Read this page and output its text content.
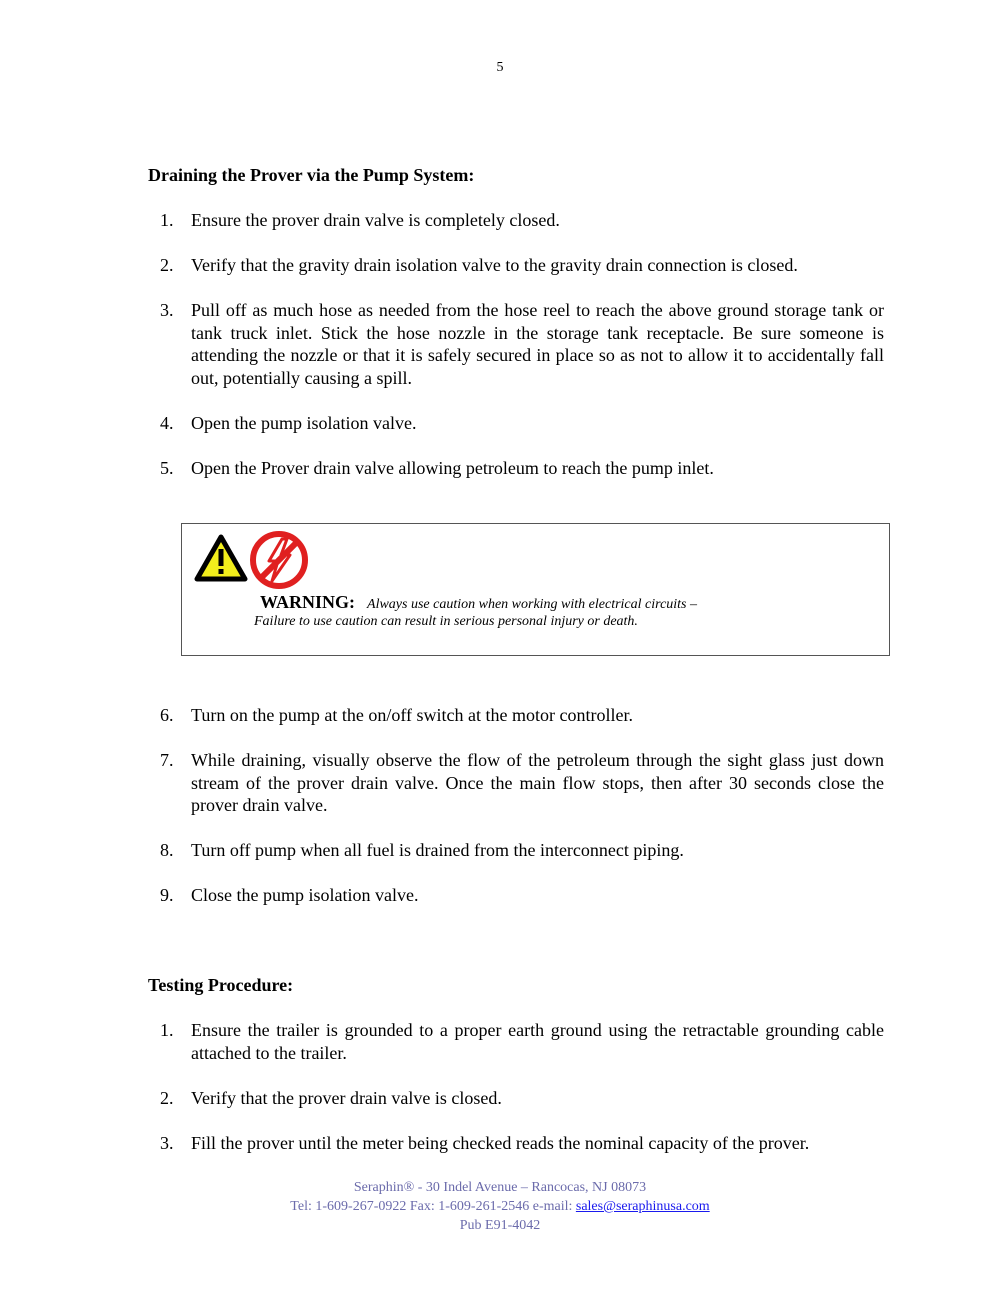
5
Draining the Prover via the Pump System:
1. Ensure the prover drain valve is completely closed.
2. Verify that the gravity drain isolation valve to the gravity drain connection is closed.
3. Pull off as much hose as needed from the hose reel to reach the above ground storage tank or tank truck inlet. Stick the hose nozzle in the storage tank receptacle. Be sure someone is attending the nozzle or that it is safely secured in place so as not to allow it to accidentally fall out, potentially causing a spill.
4. Open the pump isolation valve.
5. Open the Prover drain valve allowing petroleum to reach the pump inlet.
WARNING: Always use caution when working with electrical circuits –
Failure to use caution can result in serious personal injury or death.
6. Turn on the pump at the on/off switch at the motor controller.
7. While draining, visually observe the flow of the petroleum through the sight glass just down stream of the prover drain valve. Once the main flow stops, then after 30 seconds close the prover drain valve.
8. Turn off pump when all fuel is drained from the interconnect piping.
9. Close the pump isolation valve.
Testing Procedure:
1. Ensure the trailer is grounded to a proper earth ground using the retractable grounding cable attached to the trailer.
2. Verify that the prover drain valve is closed.
3. Fill the prover until the meter being checked reads the nominal capacity of the prover.
Seraphin® - 30 Indel Avenue – Rancocas, NJ 08073
Tel: 1-609-267-0922 Fax: 1-609-261-2546 e-mail: sales@seraphinusa.com
Pub E91-4042
